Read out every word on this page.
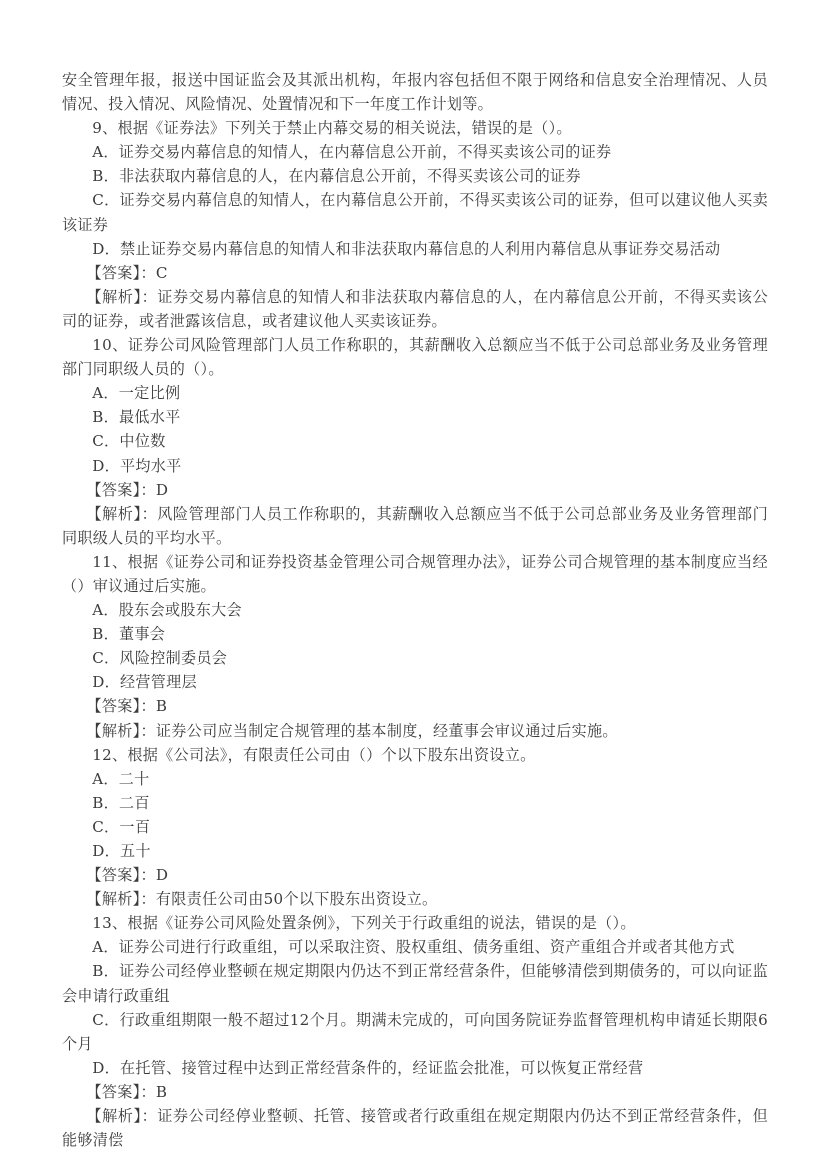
安全管理年报，报送中国证监会及其派出机构，年报内容包括但不限于网络和信息安全治理情况、人员情况、投入情况、风险情况、处置情况和下一年度工作计划等。

9、根据《证券法》下列关于禁止内幕交易的相关说法，错误的是（）。

A．证券交易内幕信息的知情人，在内幕信息公开前，不得买卖该公司的证券

B．非法获取内幕信息的人，在内幕信息公开前，不得买卖该公司的证券

C．证券交易内幕信息的知情人，在内幕信息公开前，不得买卖该公司的证券，但可以建议他人买卖该证券

D．禁止证券交易内幕信息的知情人和非法获取内幕信息的人利用内幕信息从事证券交易活动

【答案】：C

【解析】：证券交易内幕信息的知情人和非法获取内幕信息的人，在内幕信息公开前，不得买卖该公司的证券，或者泄露该信息，或者建议他人买卖该证券。

10、证券公司风险管理部门人员工作称职的，其薪酬收入总额应当不低于公司总部业务及业务管理部门同职级人员的（）。

A．一定比例

B．最低水平

C．中位数

D．平均水平

【答案】：D

【解析】：风险管理部门人员工作称职的，其薪酬收入总额应当不低于公司总部业务及业务管理部门同职级人员的平均水平。

11、根据《证券公司和证券投资基金管理公司合规管理办法》，证券公司合规管理的基本制度应当经（）审议通过后实施。

A．股东会或股东大会

B．董事会

C．风险控制委员会

D．经营管理层

【答案】：B

【解析】：证券公司应当制定合规管理的基本制度，经董事会审议通过后实施。

12、根据《公司法》，有限责任公司由（）个以下股东出资设立。

A．二十

B．二百

C．一百

D．五十

【答案】：D

【解析】：有限责任公司由50个以下股东出资设立。

13、根据《证券公司风险处置条例》，下列关于行政重组的说法，错误的是（）。

A．证券公司进行行政重组，可以采取注资、股权重组、债务重组、资产重组合并或者其他方式

B．证券公司经停业整顿在规定期限内仍达不到正常经营条件，但能够清偿到期债务的，可以向证监会申请行政重组

C．行政重组期限一般不超过12个月。期满未完成的，可向国务院证券监督管理机构申请延长期限6个月

D．在托管、接管过程中达到正常经营条件的，经证监会批准，可以恢复正常经营

【答案】：B

【解析】：证券公司经停业整顿、托管、接管或者行政重组在规定期限内仍达不到正常经营条件，但能够清偿
